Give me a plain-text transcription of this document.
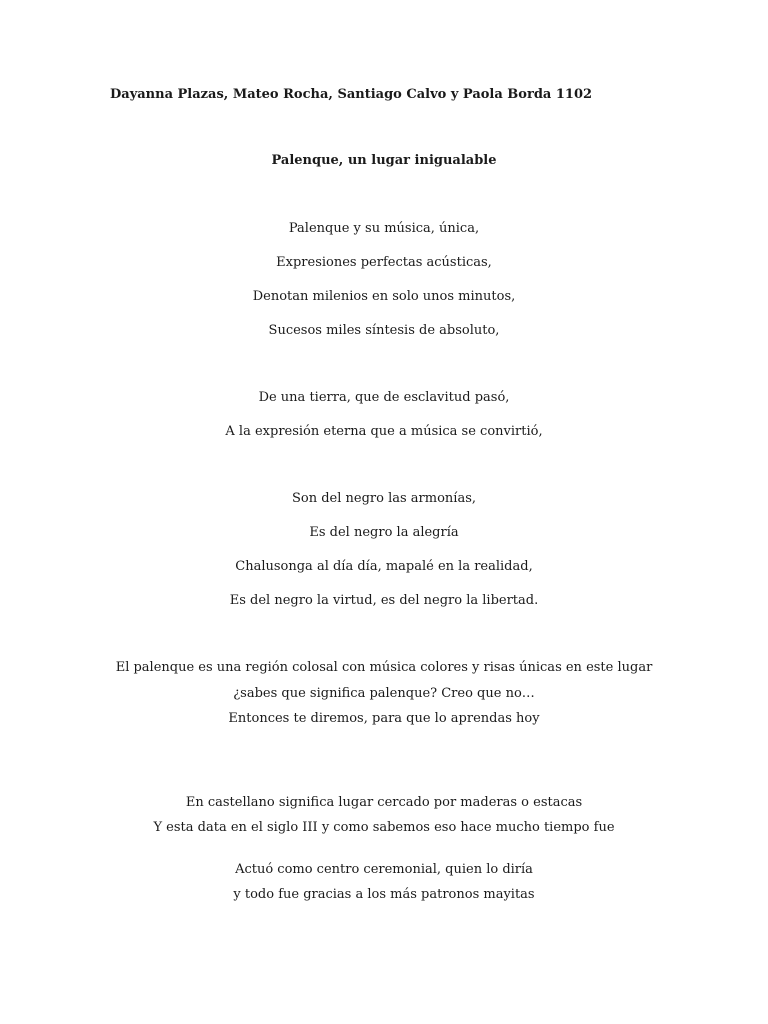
Dayanna Plazas, Mateo Rocha, Santiago Calvo y Paola Borda 1102
Palenque, un lugar inigualable
Palenque y su música, única,
Expresiones perfectas acústicas,
Denotan milenios en solo unos minutos,
Sucesos miles síntesis de absoluto,
De una tierra, que de esclavitud pasó,
A la expresión eterna que a música se convirtió,
Son del negro las armonías,
Es del negro la alegría
Chalusonga al día día, mapalé en la realidad,
Es del negro la virtud, es del negro la libertad.
El palenque es una región colosal con música colores y risas únicas en este lugar
¿sabes que significa palenque? Creo que no…
Entonces te diremos, para que lo aprendas hoy
En castellano significa lugar cercado por maderas o estacas
Y esta data en el siglo III y como sabemos eso hace mucho tiempo fue
Actuó como centro ceremonial, quien lo diría
y todo fue gracias a los más patronos mayitas
